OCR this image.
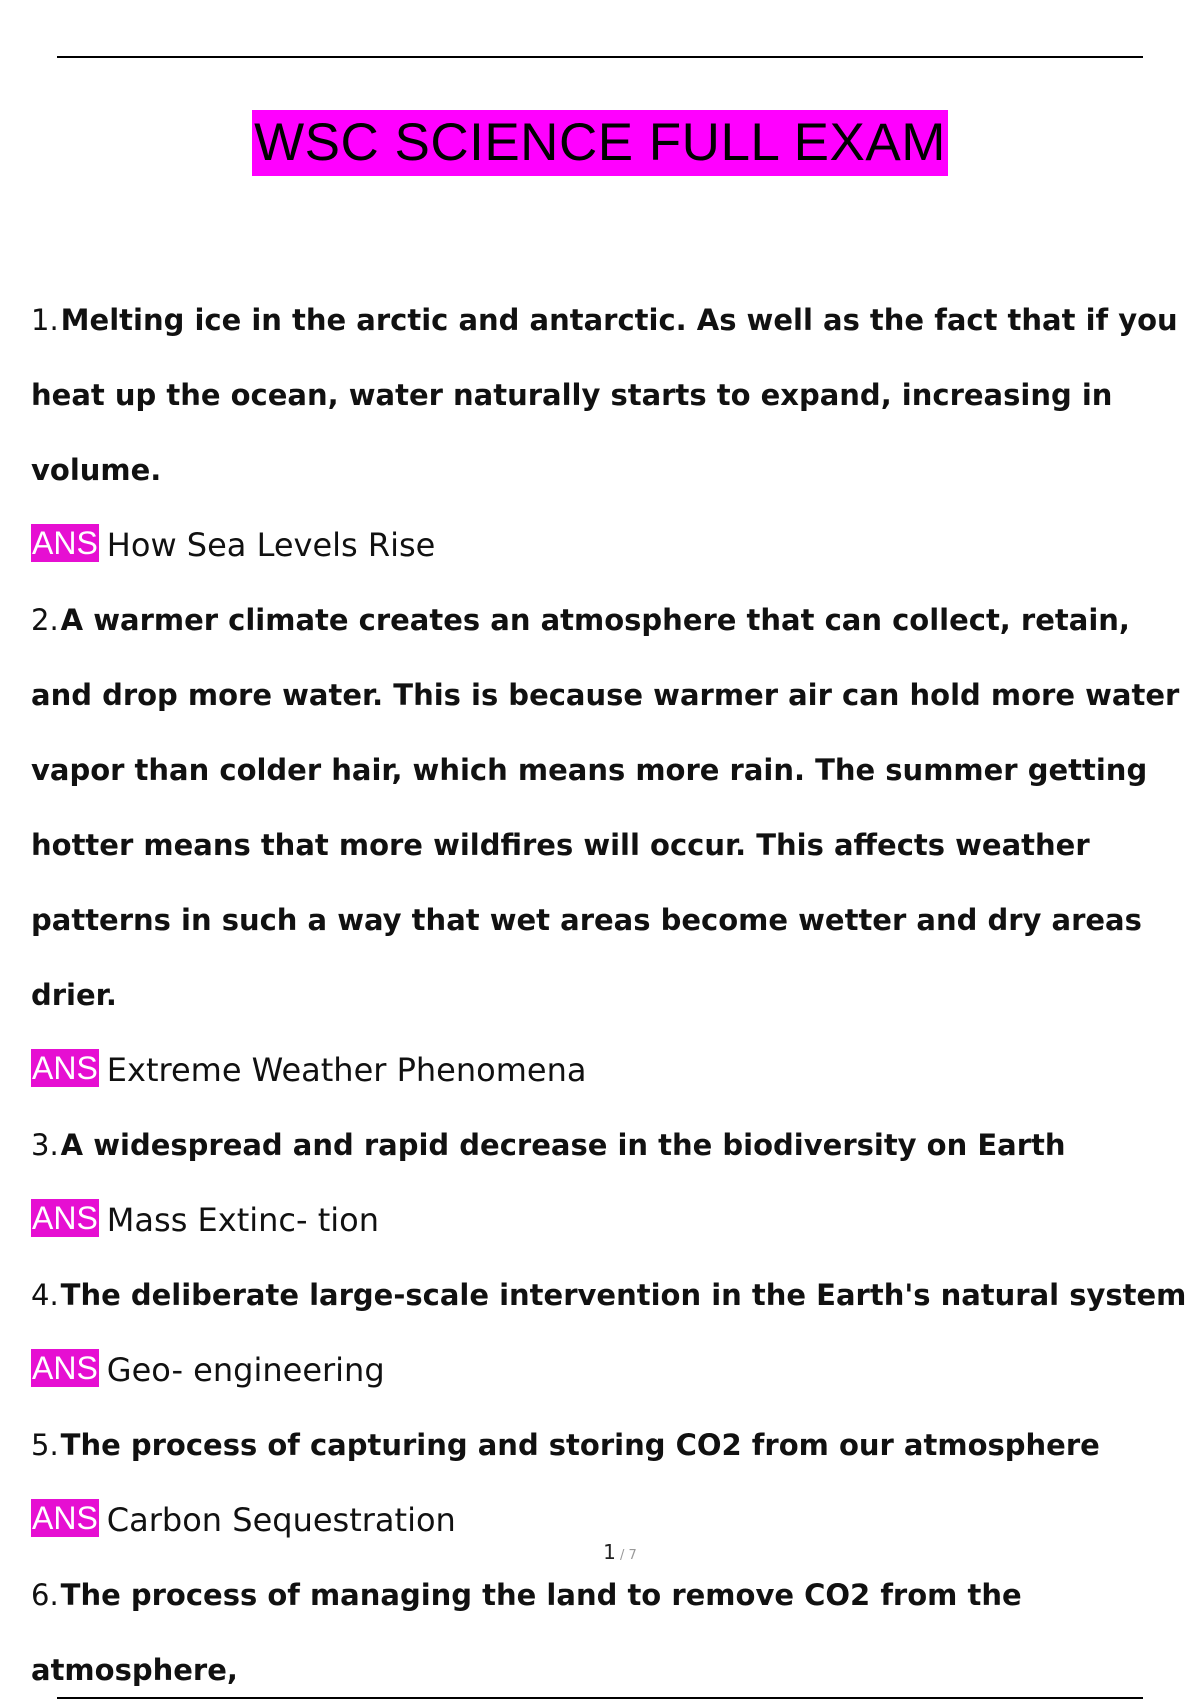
WSC SCIENCE FULL EXAM

1.Melting ice in the arctic and antarctic. As well as the fact that if you heat up the ocean, water naturally starts to expand, increasing in volume.

ANS How Sea Levels Rise

2.A warmer climate creates an atmosphere that can collect, retain, and drop more water. This is because warmer air can hold more water vapor than colder hair, which means more rain. The summer getting hotter means that more wildfires will occur. This affects weather patterns in such a way that wet areas become wetter and dry areas drier.

ANS Extreme Weather Phenomena

3.A widespread and rapid decrease in the biodiversity on Earth

ANS Mass Extinc- tion

4.The deliberate large-scale intervention in the Earth's natural system

ANS Geo- engineering

5.The process of capturing and storing CO2 from our atmosphere

ANS Carbon Sequestration

6.The process of managing the land to remove CO2 from the atmosphere,

1 / 7
